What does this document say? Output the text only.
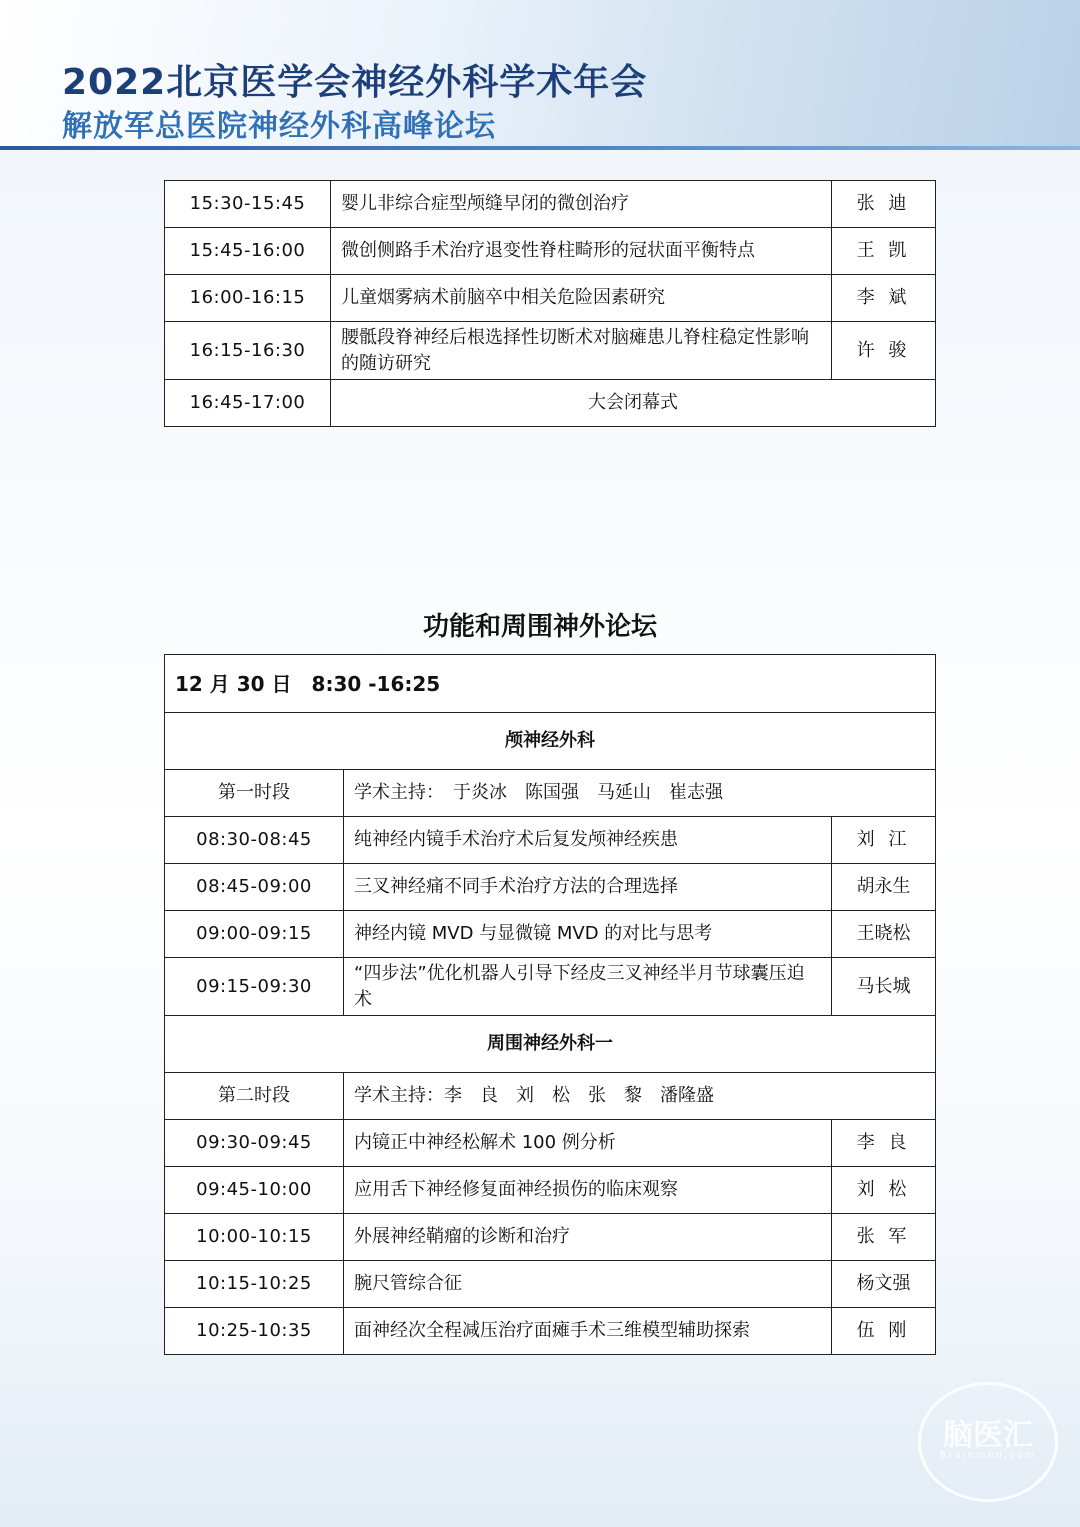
2022北京医学会神经外科学术年会
解放军总医院神经外科高峰论坛
15:30-15:45	婴儿非综合症型颅缝早闭的微创治疗	张 迪
15:45-16:00	微创侧路手术治疗退变性脊柱畸形的冠状面平衡特点	王 凯
16:00-16:15	儿童烟雾病术前脑卒中相关危险因素研究	李 斌
16:15-16:30	腰骶段脊神经后根选择性切断术对脑瘫患儿脊柱稳定性影响的随访研究	许 骏
16:45-17:00	大会闭幕式	
功能和周围神外论坛
12 月 30 日　8:30 -16:25		
颅神经外科		
第一时段	学术主持：　于炎冰　陈国强　马延山　崔志强	
08:30-08:45	纯神经内镜手术治疗术后复发颅神经疾患	刘 江
08:45-09:00	三叉神经痛不同手术治疗方法的合理选择	胡永生
09:00-09:15	神经内镜 MVD 与显微镜 MVD 的对比与思考	王晓松
09:15-09:30	“四步法”优化机器人引导下经皮三叉神经半月节球囊压迫术	马长城
周围神经外科一		
第二时段	学术主持：李　良　刘　松　张　黎　潘隆盛	
09:30-09:45	内镜正中神经松解术 100 例分析	李 良
09:45-10:00	应用舌下神经修复面神经损伤的临床观察	刘 松
10:00-10:15	外展神经鞘瘤的诊断和治疗	张 军
10:15-10:25	腕尺管综合征	杨文强
10:25-10:35	面神经次全程减压治疗面瘫手术三维模型辅助探索	伍 刚
脑医汇
Brainmed.com
